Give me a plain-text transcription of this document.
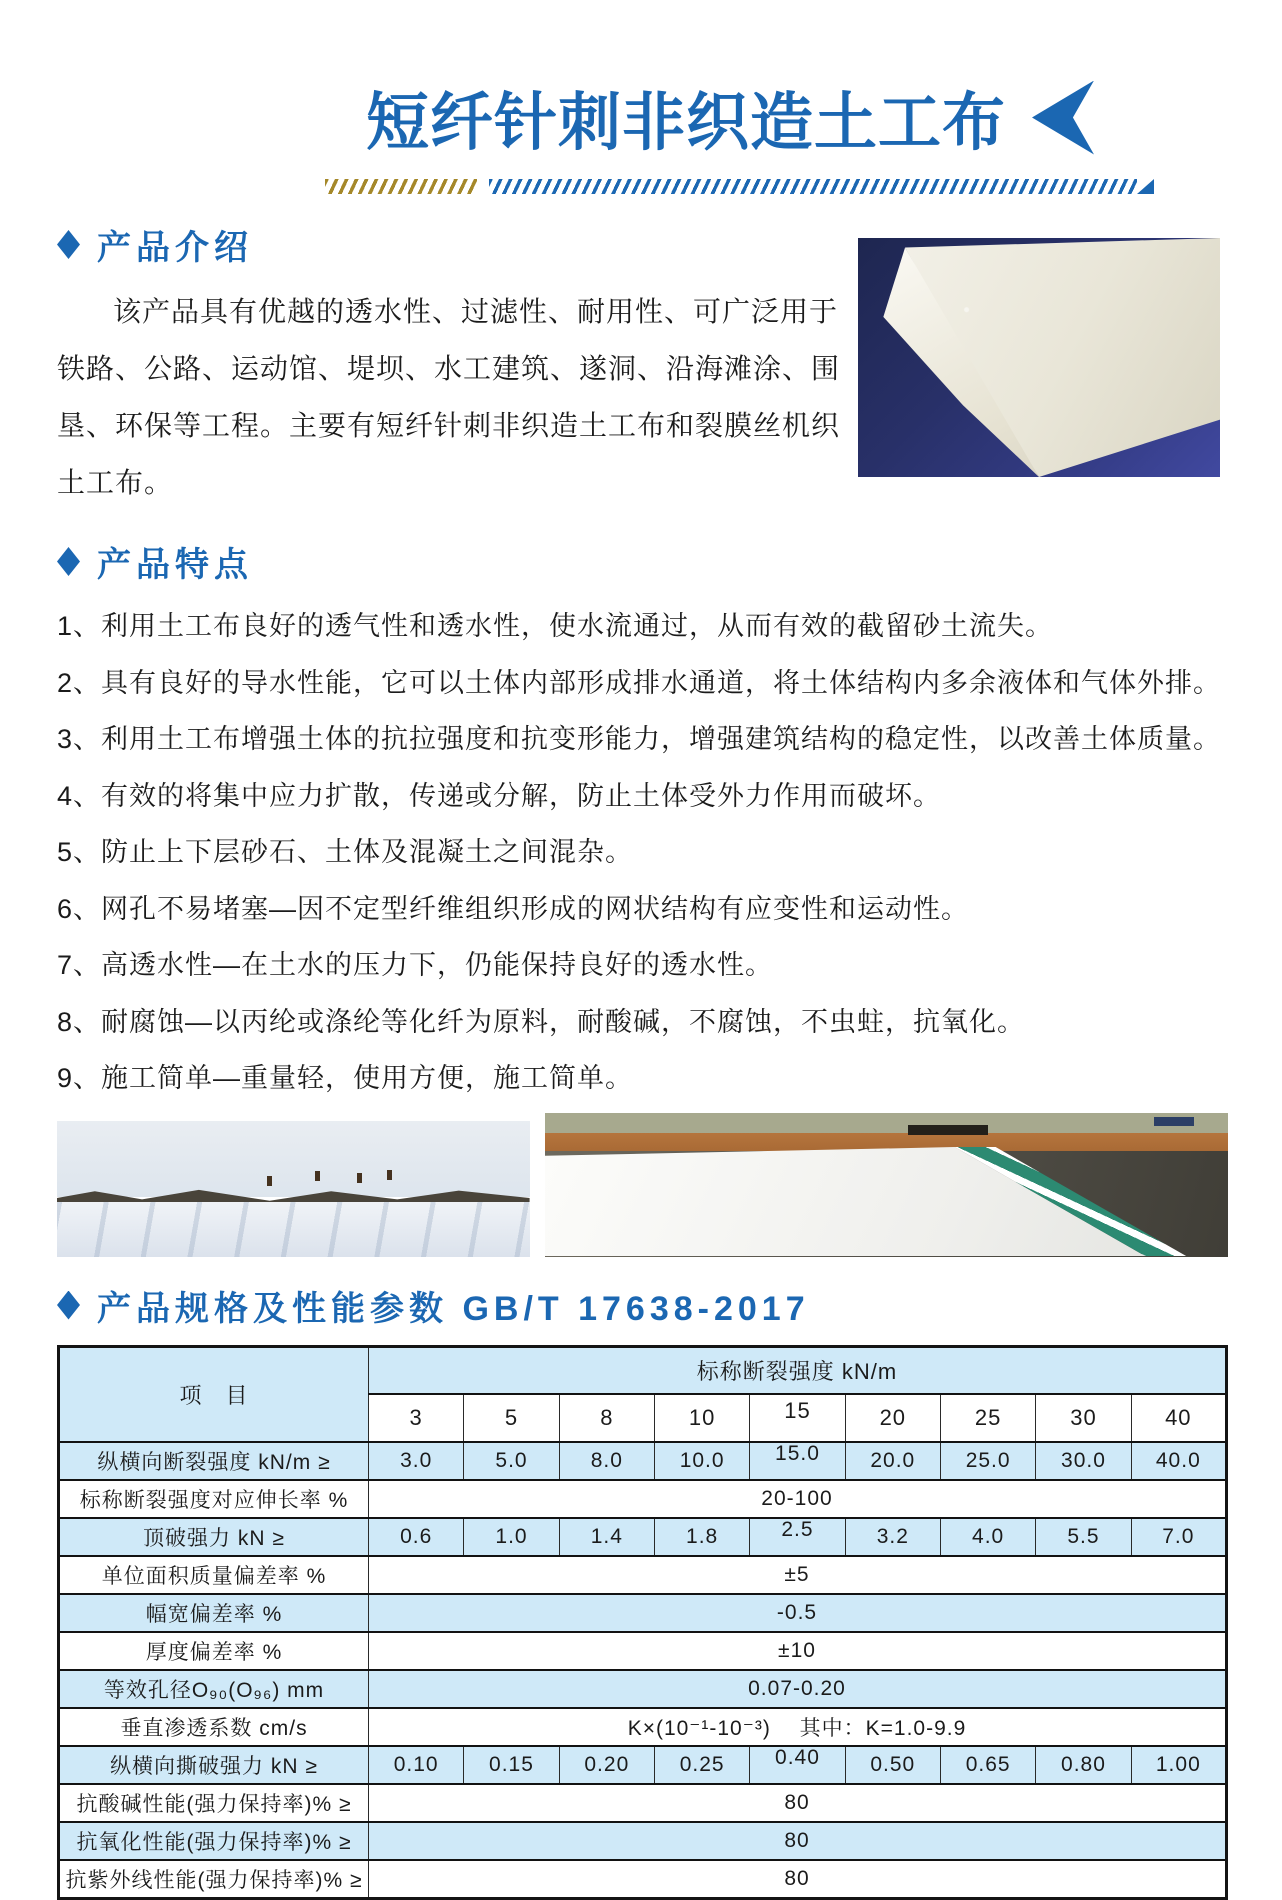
短纤针刺非织造土工布
产品介绍

该产品具有优越的透水性、过滤性、耐用性、可广泛用于铁路、公路、运动馆、堤坝、水工建筑、遂洞、沿海滩涂、围垦、环保等工程。主要有短纤针刺非织造土工布和裂膜丝机织土工布。

产品特点
1、利用土工布良好的透气性和透水性，使水流通过，从而有效的截留砂土流失。
2、具有良好的导水性能，它可以土体内部形成排水通道，将土体结构内多余液体和气体外排。
3、利用土工布增强土体的抗拉强度和抗变形能力，增强建筑结构的稳定性，以改善土体质量。
4、有效的将集中应力扩散，传递或分解，防止土体受外力作用而破坏。
5、防止上下层砂石、土体及混凝土之间混杂。
6、网孔不易堵塞—因不定型纤维组织形成的网状结构有应变性和运动性。
7、高透水性—在土水的压力下，仍能保持良好的透水性。
8、耐腐蚀—以丙纶或涤纶等化纤为原料，耐酸碱，不腐蚀，不虫蛀，抗氧化。
9、施工简单—重量轻，使用方便，施工简单。
产品规格及性能参数 GB/T 17638-2017
项　目	标称断裂强度 kN/m								
	3	5	8	10	15	20	25	30	40
纵横向断裂强度 kN/m ≥	3.0	5.0	8.0	10.0	15.0	20.0	25.0	30.0	40.0
标称断裂强度对应伸长率 %	20-100								
顶破强力 kN ≥	0.6	1.0	1.4	1.8	2.5	3.2	4.0	5.5	7.0
单位面积质量偏差率 %	±5								
幅宽偏差率 %	-0.5								
厚度偏差率 %	±10								
等效孔径O₉₀(O₉₆) mm	0.07-0.20								
垂直渗透系数 cm/s	K×(10⁻¹-10⁻³)　 其中：K=1.0-9.9								
纵横向撕破强力 kN ≥	0.10	0.15	0.20	0.25	0.40	0.50	0.65	0.80	1.00
抗酸碱性能(强力保持率)% ≥	80								
抗氧化性能(强力保持率)% ≥	80								
抗紫外线性能(强力保持率)% ≥	80								
